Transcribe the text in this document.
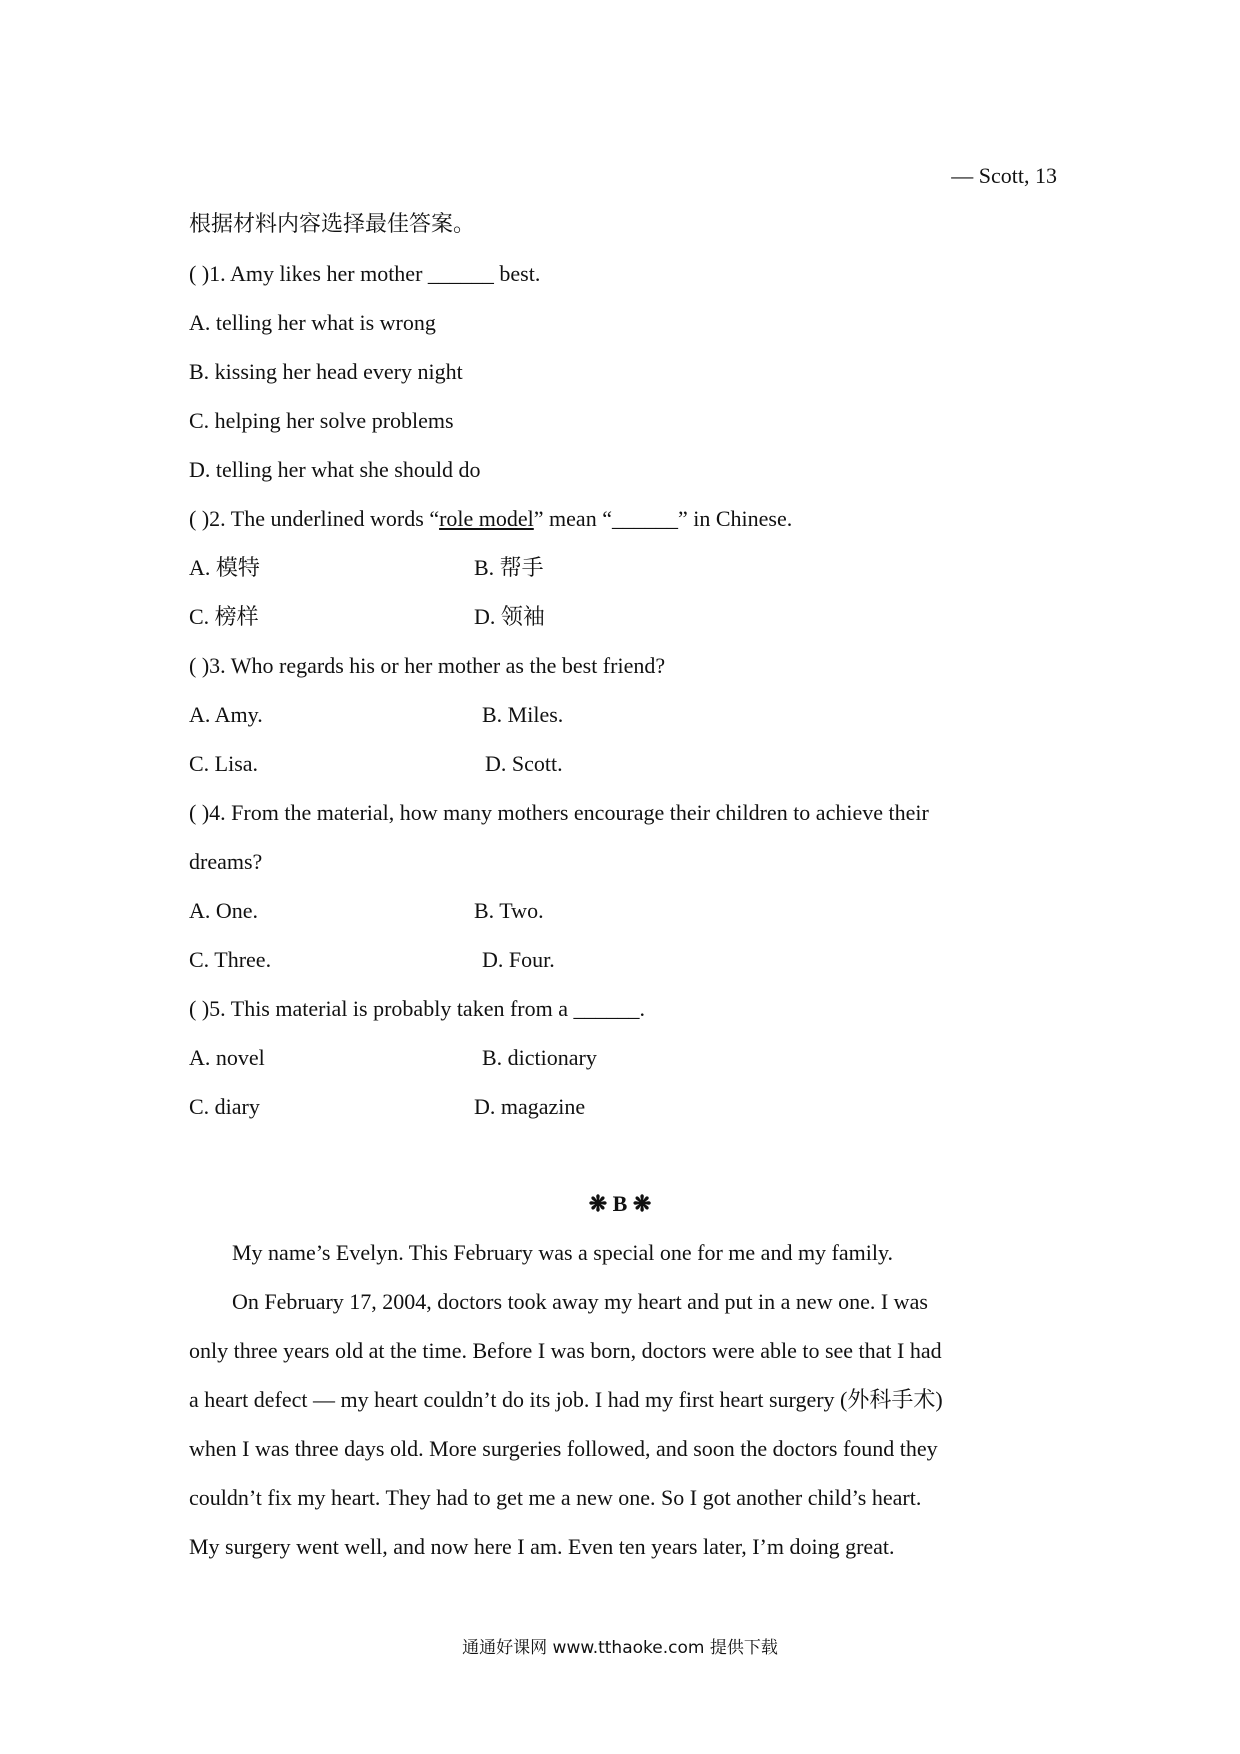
— Scott, 13
根据材料内容选择最佳答案。
( )1. Amy likes her mother ______ best.
A. telling her what is wrong
B. kissing her head every night
C. helping her solve problems
D. telling her what she should do
( )2. The underlined words “role model” mean “______” in Chinese.
A. 模特	B. 帮手
C. 榜样	D. 领袖
( )3. Who regards his or her mother as the best friend?
A. Amy.	B. Miles.
C. Lisa.	D. Scott.
( )4. From the material, how many mothers encourage their children to achieve their
dreams?
A. One.	B. Two.
C. Three.	D. Four.
( )5. This material is probably taken from a ______.
A. novel	B. dictionary
C. diary	D. magazine
❋ B ❋
My name’s Evelyn. This February was a special one for me and my family.
On February 17, 2004, doctors took away my heart and put in a new one. I was
only three years old at the time. Before I was born, doctors were able to see that I had
a heart defect — my heart couldn’t do its job. I had my first heart surgery (外科手术)
when I was three days old. More surgeries followed, and soon the doctors found they
couldn’t fix my heart. They had to get me a new one. So I got another child’s heart.
My surgery went well, and now here I am. Even ten years later, I’m doing great.
通通好课网 www.tthaoke.com 提供下载
